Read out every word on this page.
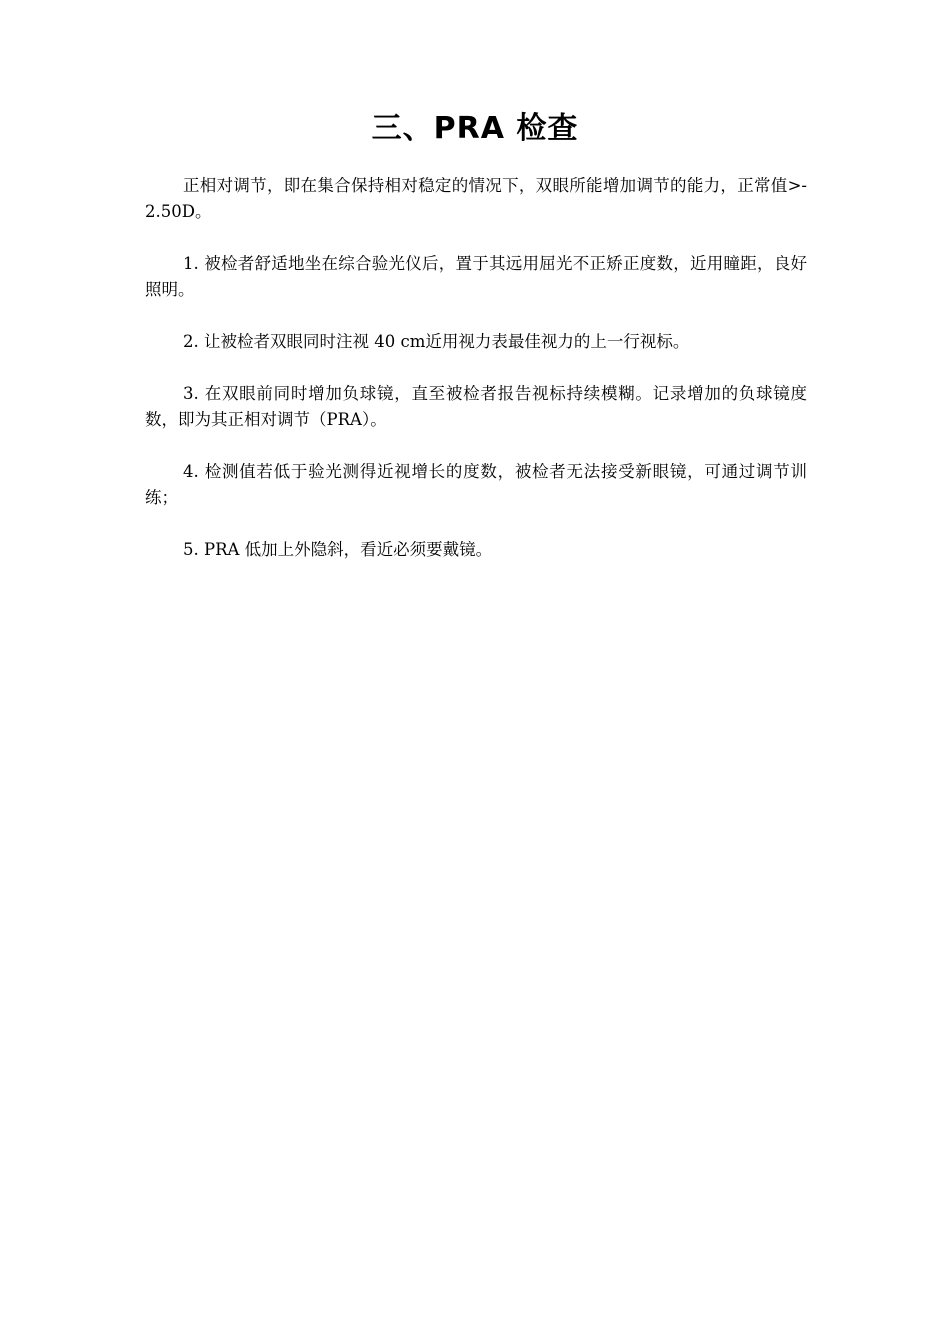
三、PRA 检查

正相对调节，即在集合保持相对稳定的情况下，双眼所能增加调节的能力，正常值>-2.50D。

1. 被检者舒适地坐在综合验光仪后，置于其远用屈光不正矫正度数，近用瞳距，良好照明。

2. 让被检者双眼同时注视 40 cm近用视力表最佳视力的上一行视标。

3. 在双眼前同时增加负球镜，直至被检者报告视标持续模糊。记录增加的负球镜度数，即为其正相对调节（PRA）。

4. 检测值若低于验光测得近视增长的度数，被检者无法接受新眼镜，可通过调节训练；

5. PRA 低加上外隐斜，看近必须要戴镜。
